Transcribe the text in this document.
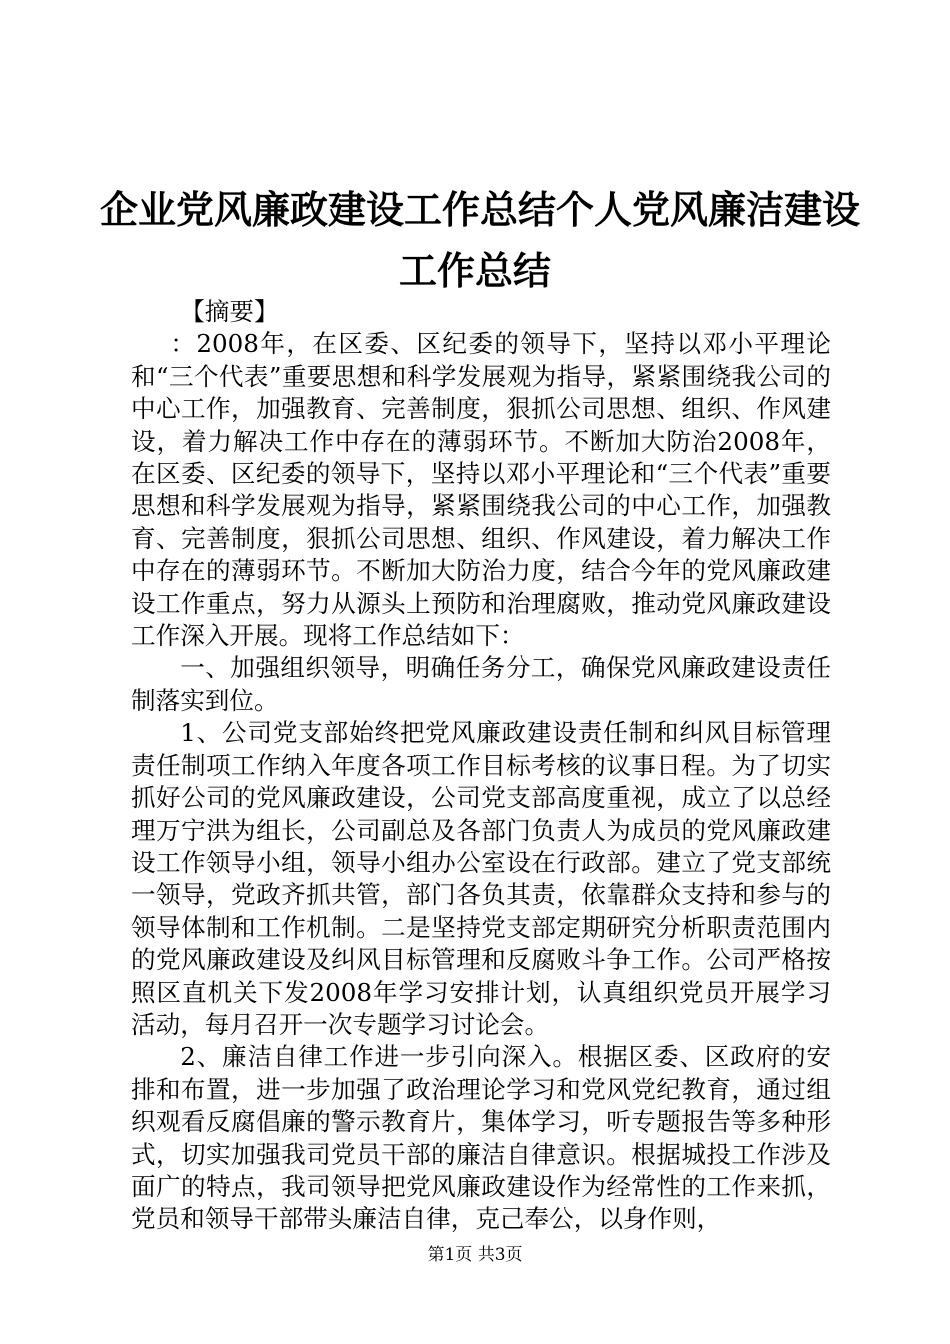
企业党风廉政建设工作总结个人党风廉洁建设
工作总结

【摘要】

：2008年，在区委、区纪委的领导下，坚持以邓小平理论和“三个代表”重要思想和科学发展观为指导，紧紧围绕我公司的中心工作，加强教育、完善制度，狠抓公司思想、组织、作风建设，着力解决工作中存在的薄弱环节。不断加大防治2008年，在区委、区纪委的领导下，坚持以邓小平理论和“三个代表”重要思想和科学发展观为指导，紧紧围绕我公司的中心工作，加强教育、完善制度，狠抓公司思想、组织、作风建设，着力解决工作中存在的薄弱环节。不断加大防治力度，结合今年的党风廉政建设工作重点，努力从源头上预防和治理腐败，推动党风廉政建设工作深入开展。现将工作总结如下：

一、加强组织领导，明确任务分工，确保党风廉政建设责任制落实到位。

1、公司党支部始终把党风廉政建设责任制和纠风目标管理责任制项工作纳入年度各项工作目标考核的议事日程。为了切实抓好公司的党风廉政建设，公司党支部高度重视，成立了以总经理万宁洪为组长，公司副总及各部门负责人为成员的党风廉政建设工作领导小组，领导小组办公室设在行政部。建立了党支部统一领导，党政齐抓共管，部门各负其责，依靠群众支持和参与的领导体制和工作机制。二是坚持党支部定期研究分析职责范围内的党风廉政建设及纠风目标管理和反腐败斗争工作。公司严格按照区直机关下发2008年学习安排计划，认真组织党员开展学习活动，每月召开一次专题学习讨论会。

2、廉洁自律工作进一步引向深入。根据区委、区政府的安排和布置，进一步加强了政治理论学习和党风党纪教育，通过组织观看反腐倡廉的警示教育片，集体学习，听专题报告等多种形式，切实加强我司党员干部的廉洁自律意识。根据城投工作涉及面广的特点，我司领导把党风廉政建设作为经常性的工作来抓，党员和领导干部带头廉洁自律，克己奉公，以身作则，

第1页 共3页
